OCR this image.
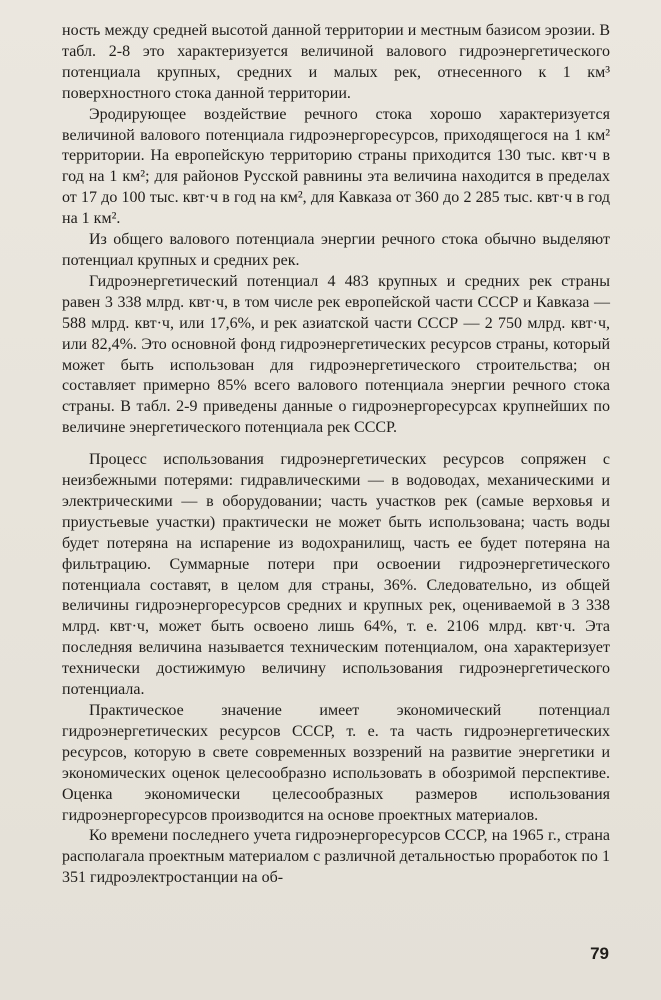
ность между средней высотой данной территории и местным базисом эрозии. В табл. 2-8 это характеризуется величиной валового гидроэнергетического потенциала крупных, средних и малых рек, отнесенного к 1 км³ поверхностного стока данной территории.

Эродирующее воздействие речного стока хорошо характеризуется величиной валового потенциала гидроэнергоресурсов, приходящегося на 1 км² территории. На европейскую территорию страны приходится 130 тыс. квт·ч в год на 1 км²; для районов Русской равнины эта величина находится в пределах от 17 до 100 тыс. квт·ч в год на км², для Кавказа от 360 до 2 285 тыс. квт·ч в год на 1 км².

Из общего валового потенциала энергии речного стока обычно выделяют потенциал крупных и средних рек.

Гидроэнергетический потенциал 4 483 крупных и средних рек страны равен 3 338 млрд. квт·ч, в том числе рек европейской части СССР и Кавказа — 588 млрд. квт·ч, или 17,6%, и рек азиатской части СССР — 2 750 млрд. квт·ч, или 82,4%. Это основной фонд гидроэнергетических ресурсов страны, который может быть использован для гидроэнергетического строительства; он составляет примерно 85% всего валового потенциала энергии речного стока страны. В табл. 2-9 приведены данные о гидроэнергоресурсах крупнейших по величине энергетического потенциала рек СССР.

Процесс использования гидроэнергетических ресурсов сопряжен с неизбежными потерями: гидравлическими — в водоводах, механическими и электрическими — в оборудовании; часть участков рек (самые верховья и приустьевые участки) практически не может быть использована; часть воды будет потеряна на испарение из водохранилищ, часть ее будет потеряна на фильтрацию. Суммарные потери при освоении гидроэнергетического потенциала составят, в целом для страны, 36%. Следовательно, из общей величины гидроэнергоресурсов средних и крупных рек, оцениваемой в 3 338 млрд. квт·ч, может быть освоено лишь 64%, т. е. 2106 млрд. квт·ч. Эта последняя величина называется техническим потенциалом, она характеризует технически достижимую величину использования гидроэнергетического потенциала.

Практическое значение имеет экономический потенциал гидроэнергетических ресурсов СССР, т. е. та часть гидроэнергетических ресурсов, которую в свете современных воззрений на развитие энергетики и экономических оценок целесообразно использовать в обозримой перспективе. Оценка экономически целесообразных размеров использования гидроэнергоресурсов производится на основе проектных материалов.

Ко времени последнего учета гидроэнергоресурсов СССР, на 1965 г., страна располагала проектным материалом с различной детальностью проработок по 1 351 гидроэлектростанции на об-

79
